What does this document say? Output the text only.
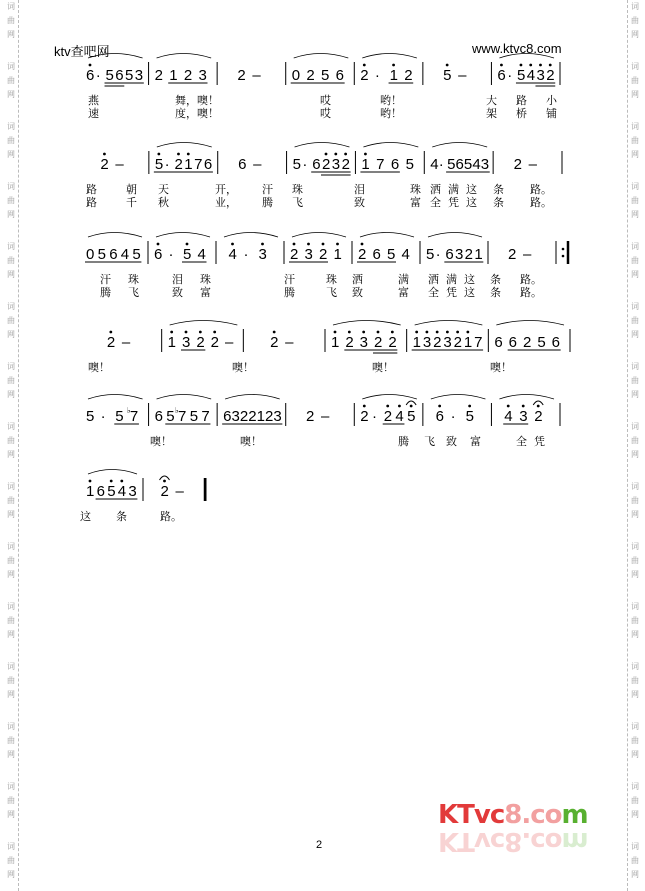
词
曲
网
词
曲
网
词
曲
网
词
曲
网
词
曲
网
词
曲
网
词
曲
网
词
曲
网
词
曲
网
词
曲
网
词
曲
网
词
曲
网
词
曲
网
词
曲
网
词
曲
网
词
曲
网
词
曲
网
词
曲
网
词
曲
网
词
曲
网
词
曲
网
词
曲
网
词
曲
网
词
曲
网
词
曲
网
词
曲
网
词
曲
网
词
曲
网
词
曲
网
词
曲
网
ktv查吧网	www.ktvc8.com
6 · 5 6 5 3 2 1 2 3 2 – 0 2 5 6 2 · 1 2 5 – 6 · 5 4 3 2
燕
速
舞，噢！
度，噢！
哎
哎
哟！
哟！
大
架
路
桥
小
铺
2 – 5 · 2 1 7 6 6 – 5 · 6 2 3 2 1 7 6 5 4 · 5 6 5 4 3 2 –
路
路
朝
千
天
秋
开，
业，
汗
腾
珠
飞
泪
致
珠
富
洒
全
满
凭
这
这
条
条
路。
路。
0 5 6 4 5 6 · 5 4 4 · 3 2 3 2 1 2 6 5 4 5 · 6 3 2 1 2 –
汗
腾
珠
飞
泪
致
珠
富
汗
腾
珠
飞
洒
致
满
富
洒
全
满
凭
这
这
条
条
路。
路。
2 – 1 3 2 2 – 2 – 1 2 3 2 2 1 3 2 3 2 1 7 6 6 2 5 6
噢！	噢！	噢！	噢！
5 · 5 7
♭ 6 5 7
♭ 5 7 6 3 2 2 1 2 3 2 – 2 · 2 4 5 6 · 5 4 3 2
噢！	噢！	腾 飞 致 富	全 凭
1 6 5 4 3 2 –
这 条	路。
KTvc8.com
KTvc8.com
2
